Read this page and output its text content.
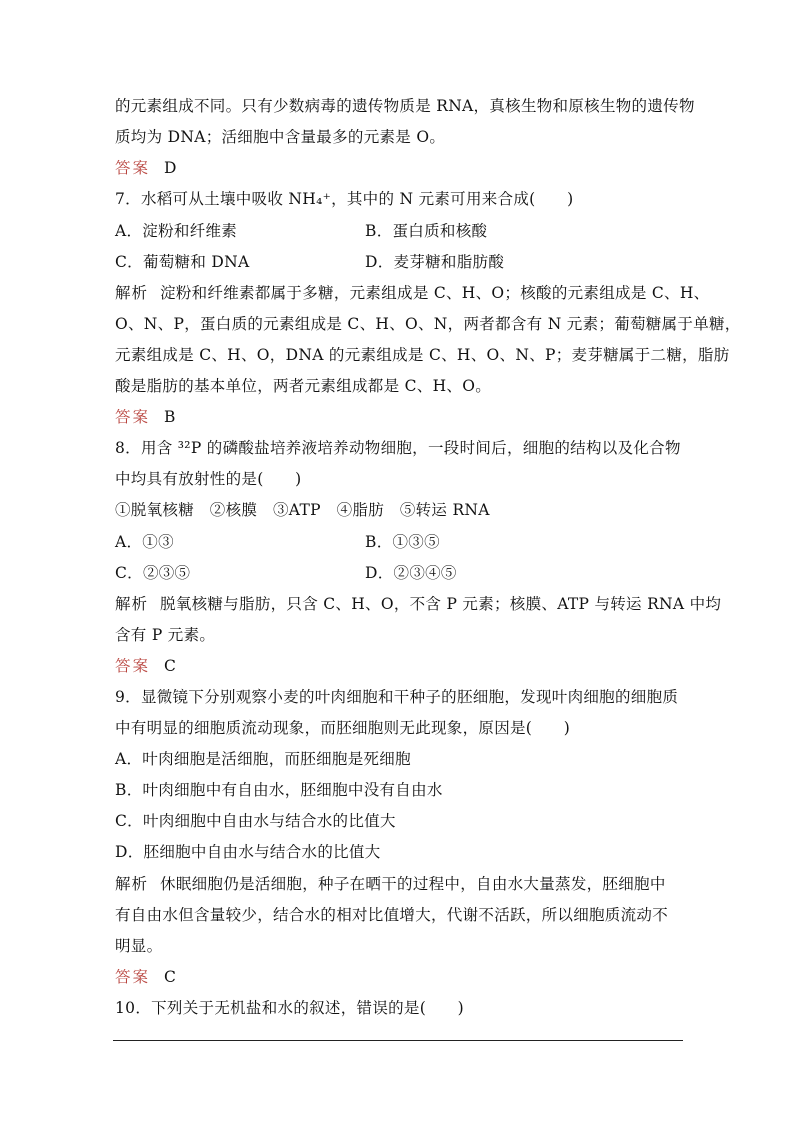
的元素组成不同。只有少数病毒的遗传物质是 RNA，真核生物和原核生物的遗传物
质均为 DNA；活细胞中含量最多的元素是 O。
答案 D
7．水稻可从土壤中吸收 NH₄⁺，其中的 N 元素可用来合成(　　)
A．淀粉和纤维素	B．蛋白质和核酸
C．葡萄糖和 DNA	D．麦芽糖和脂肪酸
解析 淀粉和纤维素都属于多糖，元素组成是 C、H、O；核酸的元素组成是 C、H、
O、N、P，蛋白质的元素组成是 C、H、O、N，两者都含有 N 元素；葡萄糖属于单糖，
元素组成是 C、H、O，DNA 的元素组成是 C、H、O、N、P；麦芽糖属于二糖，脂肪
酸是脂肪的基本单位，两者元素组成都是 C、H、O。
答案 B
8．用含 ³²P 的磷酸盐培养液培养动物细胞，一段时间后，细胞的结构以及化合物
中均具有放射性的是(　　)
①脱氧核糖　②核膜　③ATP　④脂肪　⑤转运 RNA
A．①③	B．①③⑤
C．②③⑤	D．②③④⑤
解析 脱氧核糖与脂肪，只含 C、H、O，不含 P 元素；核膜、ATP 与转运 RNA 中均
含有 P 元素。
答案 C
9．显微镜下分别观察小麦的叶肉细胞和干种子的胚细胞，发现叶肉细胞的细胞质
中有明显的细胞质流动现象，而胚细胞则无此现象，原因是(　　)
A．叶肉细胞是活细胞，而胚细胞是死细胞
B．叶肉细胞中有自由水，胚细胞中没有自由水
C．叶肉细胞中自由水与结合水的比值大
D．胚细胞中自由水与结合水的比值大
解析 休眠细胞仍是活细胞，种子在晒干的过程中，自由水大量蒸发，胚细胞中
有自由水但含量较少，结合水的相对比值增大，代谢不活跃，所以细胞质流动不
明显。
答案 C
10．下列关于无机盐和水的叙述，错误的是(　　)
